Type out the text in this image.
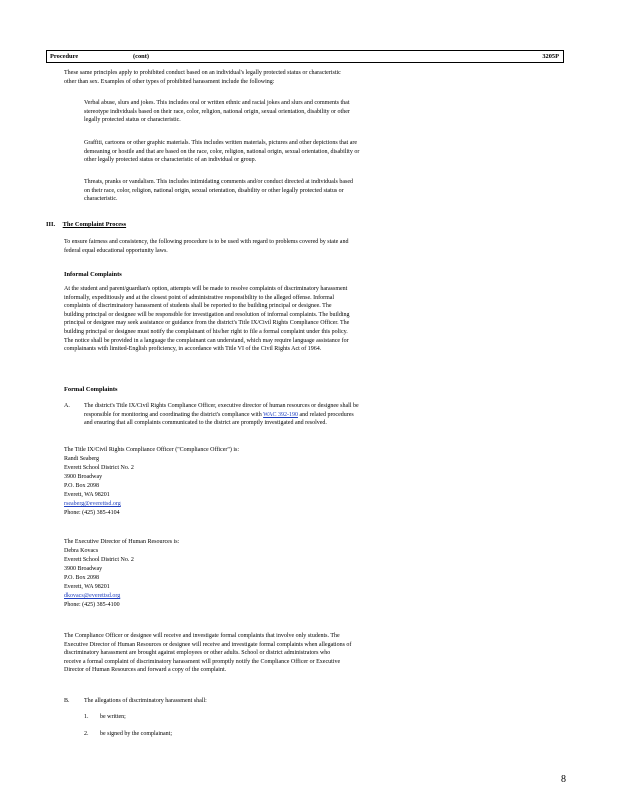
Procedure	(cont)	3205P
These same principles apply to prohibited conduct based on an individual's legally protected status or characteristic
other than sex. Examples of other types of prohibited harassment include the following:
Verbal abuse, slurs and jokes. This includes oral or written ethnic and racial jokes and slurs and comments that
stereotype individuals based on their race, color, religion, national origin, sexual orientation, disability or other
legally protected status or characteristic.
Graffiti, cartoons or other graphic materials. This includes written materials, pictures and other depictions that are
demeaning or hostile and that are based on the race, color, religion, national origin, sexual orientation, disability or
other legally protected status or characteristic of an individual or group.
Threats, pranks or vandalism. This includes intimidating comments and/or conduct directed at individuals based
on their race, color, religion, national origin, sexual orientation, disability or other legally protected status or
characteristic.
III. The Complaint Process
To ensure fairness and consistency, the following procedure is to be used with regard to problems covered by state and
federal equal educational opportunity laws.
Informal Complaints
At the student and parent/guardian's option, attempts will be made to resolve complaints of discriminatory harassment
informally, expeditiously and at the closest point of administrative responsibility to the alleged offense. Informal
complaints of discriminatory harassment of students shall be reported to the building principal or designee. The
building principal or designee will be responsible for investigation and resolution of informal complaints. The building
principal or designee may seek assistance or guidance from the district's Title IX/Civil Rights Compliance Officer. The
building principal or designee must notify the complainant of his/her right to file a formal complaint under this policy.
The notice shall be provided in a language the complainant can understand, which may require language assistance for
complainants with limited-English proficiency, in accordance with Title VI of the Civil Rights Act of 1964.
Formal Complaints
A. The district's Title IX/Civil Rights Compliance Officer, executive director of human resources or designee shall be
responsible for monitoring and coordinating the district's compliance with WAC 392-190 and related procedures
and ensuring that all complaints communicated to the district are promptly investigated and resolved.
The Title IX/Civil Rights Compliance Officer ("Compliance Officer") is:
Randi Seaberg
Everett School District No. 2
3900 Broadway
P.O. Box 2098
Everett, WA 98201
rseaberg@everettsd.org
Phone: (425) 385-4104
The Executive Director of Human Resources is:
Debra Kovacs
Everett School District No. 2
3900 Broadway
P.O. Box 2098
Everett, WA 98201
dkovacs@everettsd.org
Phone: (425) 385-4100
The Compliance Officer or designee will receive and investigate formal complaints that involve only students. The
Executive Director of Human Resources or designee will receive and investigate formal complaints when allegations of
discriminatory harassment are brought against employees or other adults. School or district administrators who
receive a formal complaint of discriminatory harassment will promptly notify the Compliance Officer or Executive
Director of Human Resources and forward a copy of the complaint.
B. The allegations of discriminatory harassment shall:
1. be written;
2. be signed by the complainant;
8
